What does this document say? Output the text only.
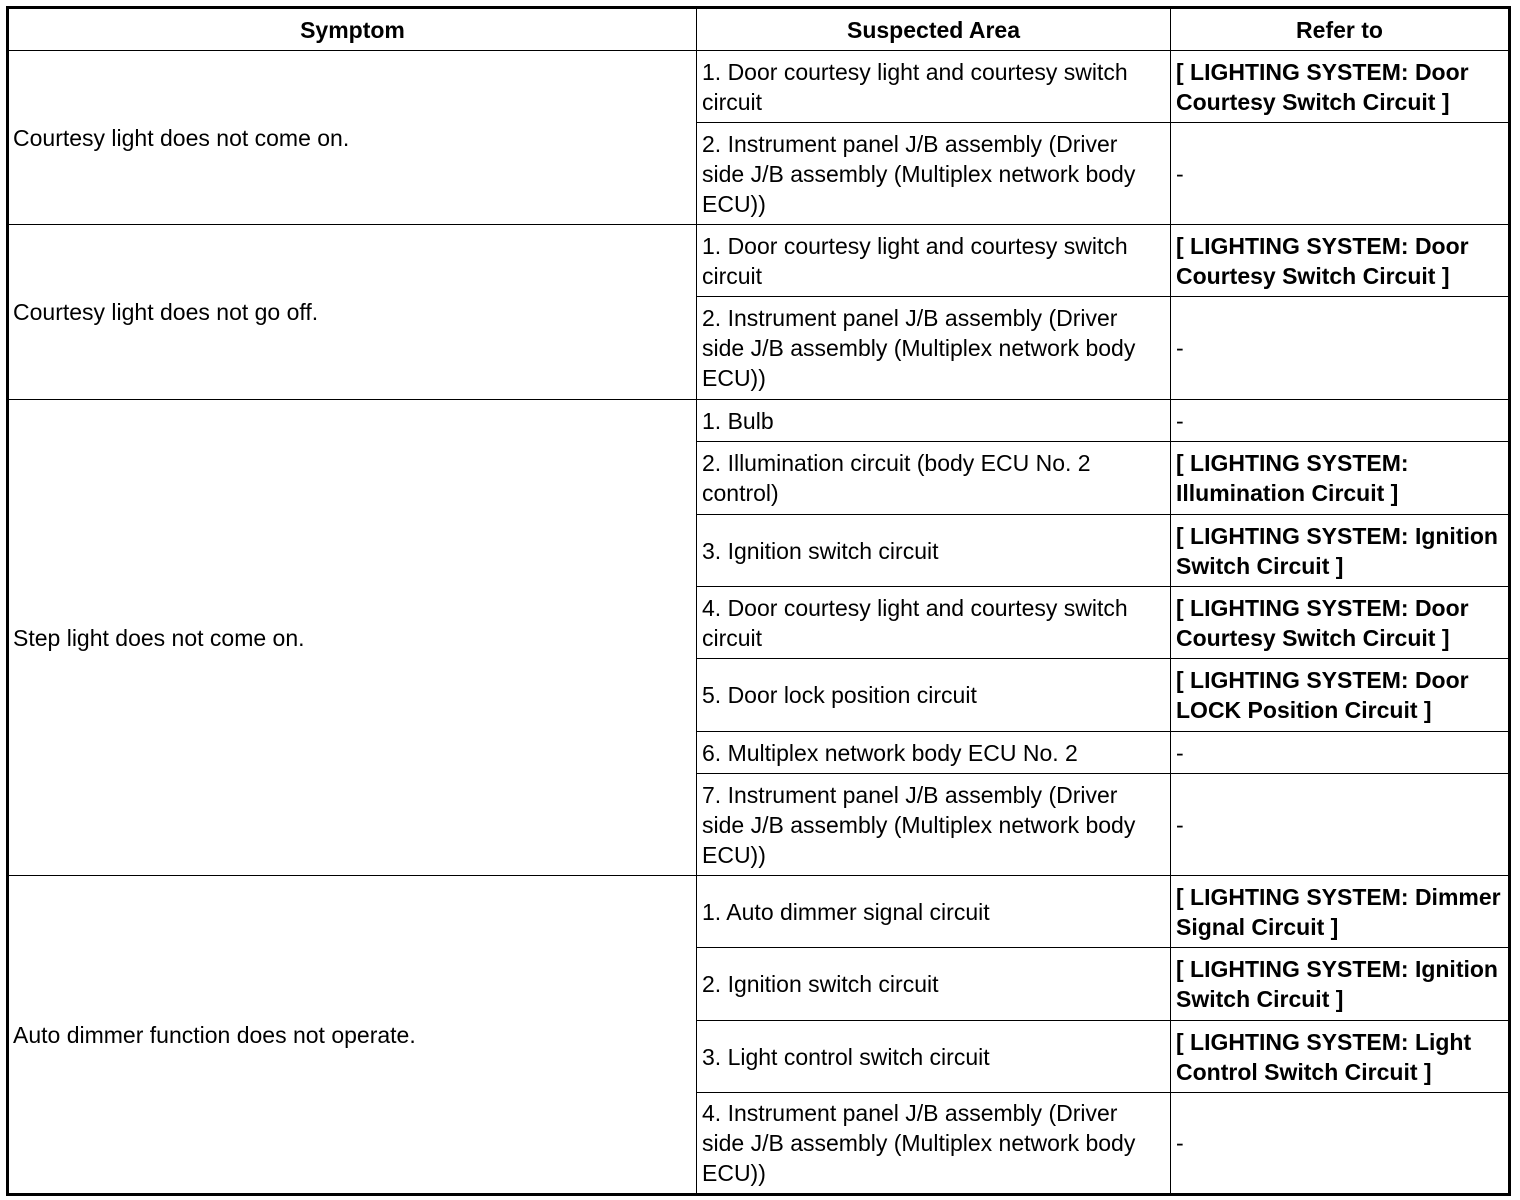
Symptom	Suspected Area	Refer to
Courtesy light does not come on.	1. Door courtesy light and courtesy switch circuit	[ LIGHTING SYSTEM: Door Courtesy Switch Circuit ]
	2. Instrument panel J/B assembly (Driver side J/B assembly (Multiplex network body ECU))	-
Courtesy light does not go off.	1. Door courtesy light and courtesy switch circuit	[ LIGHTING SYSTEM: Door Courtesy Switch Circuit ]
	2. Instrument panel J/B assembly (Driver side J/B assembly (Multiplex network body ECU))	-
Step light does not come on.	1. Bulb	-
	2. Illumination circuit (body ECU No. 2 control)	[ LIGHTING SYSTEM: Illumination Circuit ]
	3. Ignition switch circuit	[ LIGHTING SYSTEM: Ignition Switch Circuit ]
	4. Door courtesy light and courtesy switch circuit	[ LIGHTING SYSTEM: Door Courtesy Switch Circuit ]
	5. Door lock position circuit	[ LIGHTING SYSTEM: Door LOCK Position Circuit ]
	6. Multiplex network body ECU No. 2	-
	7. Instrument panel J/B assembly (Driver side J/B assembly (Multiplex network body ECU))	-
Auto dimmer function does not operate.	1. Auto dimmer signal circuit	[ LIGHTING SYSTEM: Dimmer Signal Circuit ]
	2. Ignition switch circuit	[ LIGHTING SYSTEM: Ignition Switch Circuit ]
	3. Light control switch circuit	[ LIGHTING SYSTEM: Light Control Switch Circuit ]
	4. Instrument panel J/B assembly (Driver side J/B assembly (Multiplex network body ECU))	-
